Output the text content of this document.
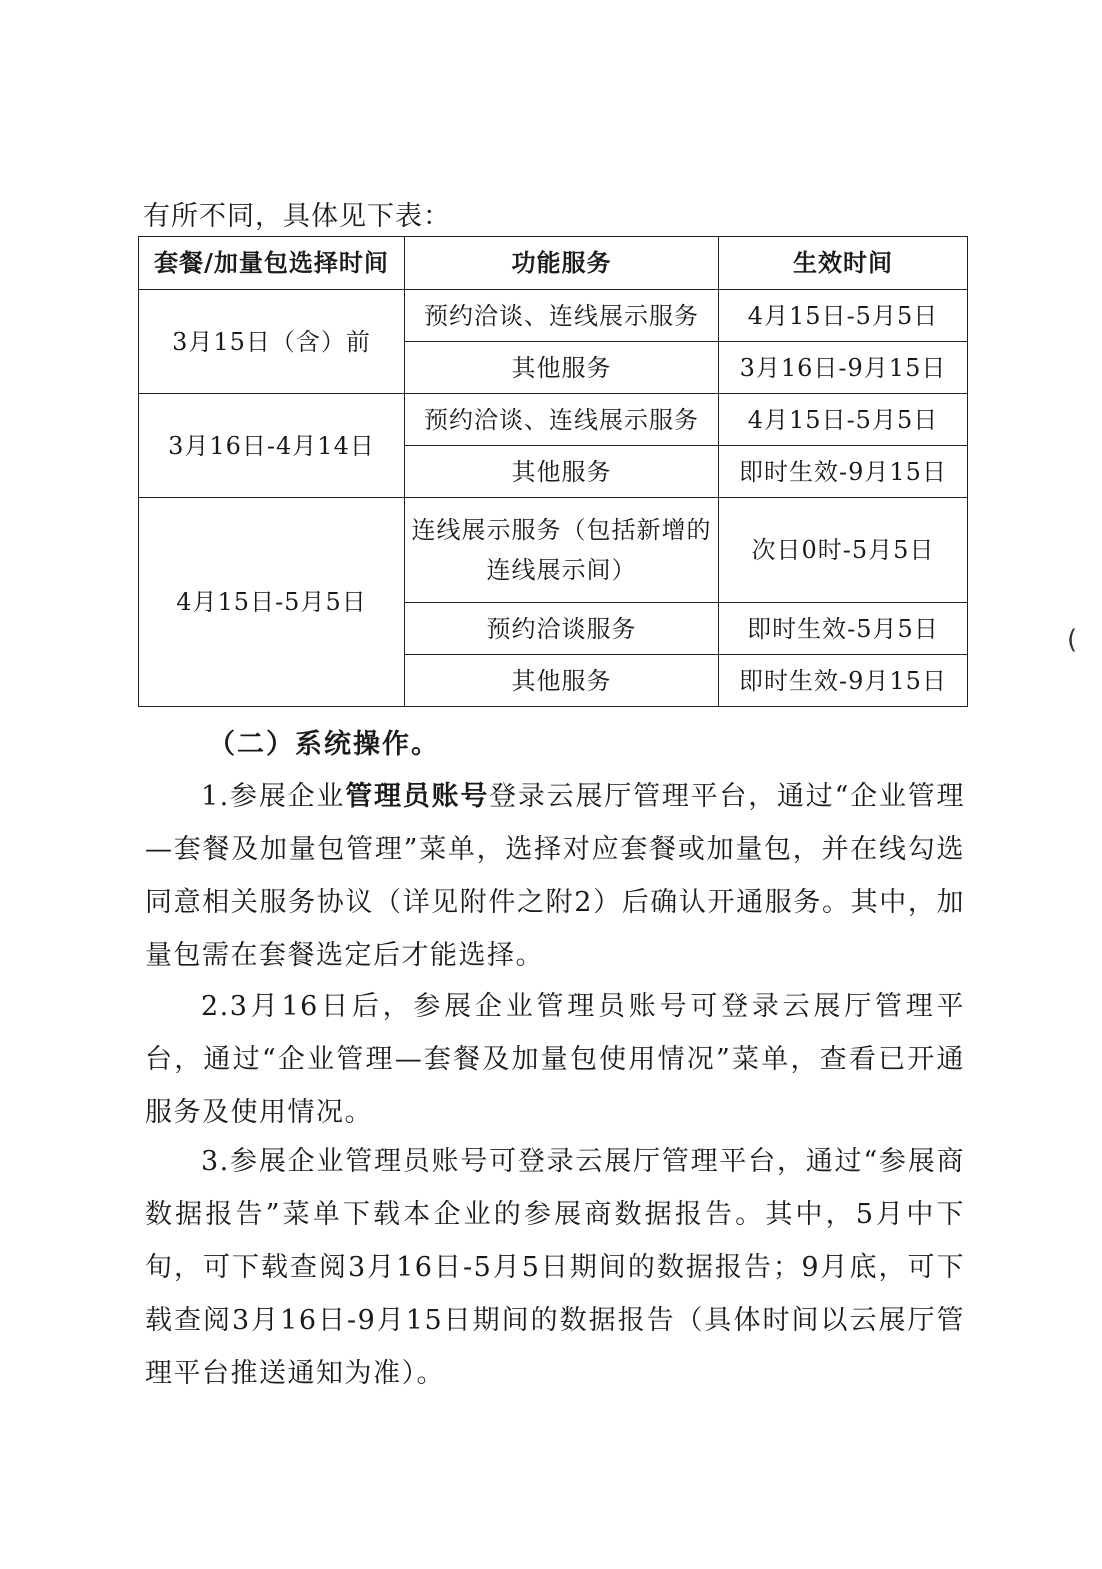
有所不同，具体见下表：
套餐/加量包选择时间	功能服务	生效时间
3月15日（含）前	预约洽谈、连线展示服务	4月15日-5月5日
	其他服务	3月16日-9月15日
3月16日-4月14日	预约洽谈、连线展示服务	4月15日-5月5日
	其他服务	即时生效-9月15日
4月15日-5月5日	连线展示服务（包括新增的连线展示间）	次日0时-5月5日
	预约洽谈服务	即时生效-5月5日
	其他服务	即时生效-9月15日
(
（二）系统操作。

1.参展企业管理员账号登录云展厅管理平台，通过“企业管理—套餐及加量包管理”菜单，选择对应套餐或加量包，并在线勾选同意相关服务协议（详见附件之附2）后确认开通服务。其中，加量包需在套餐选定后才能选择。

2.3月16日后，参展企业管理员账号可登录云展厅管理平台，通过“企业管理—套餐及加量包使用情况”菜单，查看已开通服务及使用情况。

3.参展企业管理员账号可登录云展厅管理平台，通过“参展商数据报告”菜单下载本企业的参展商数据报告。其中，5月中下旬，可下载查阅3月16日-5月5日期间的数据报告；9月底，可下载查阅3月16日-9月15日期间的数据报告（具体时间以云展厅管理平台推送通知为准）。
